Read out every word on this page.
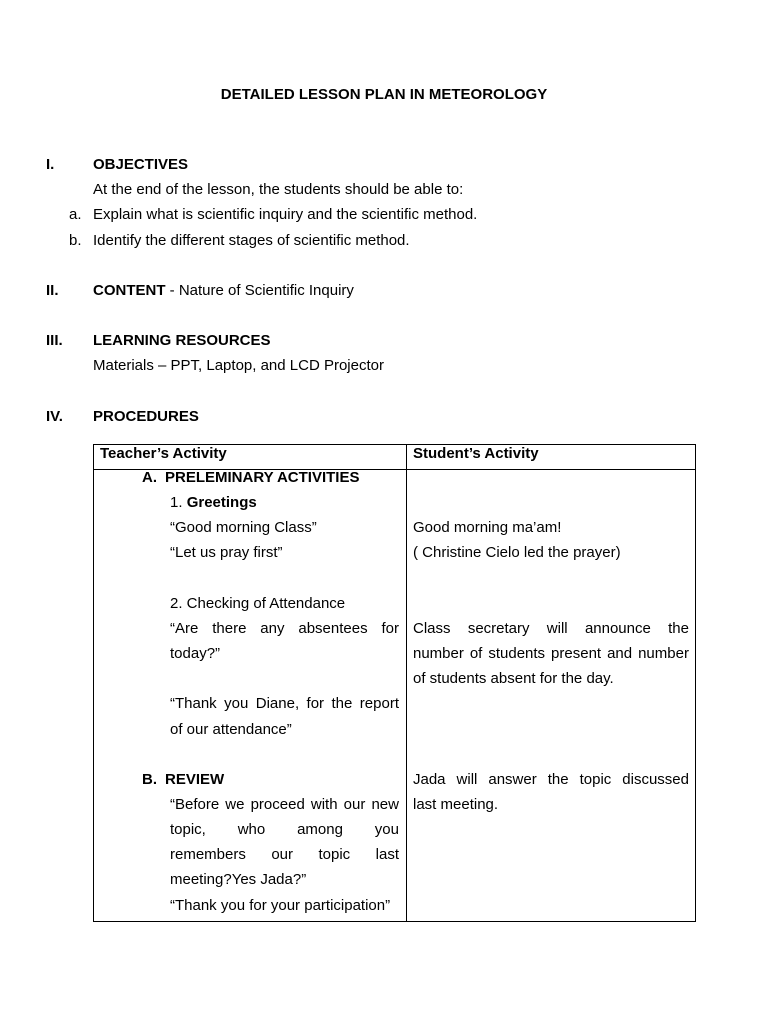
DETAILED LESSON PLAN IN METEOROLOGY
I.	OBJECTIVES
At the end of the lesson, the students should be able to:
a. Explain what is scientific inquiry and the scientific method.
b. Identify the different stages of scientific method.
II. CONTENT - Nature of Scientific Inquiry
III. LEARNING RESOURCES
Materials – PPT, Laptop, and LCD Projector
IV. PROCEDURES
Teacher’s Activity	Student’s Activity
A. PRELEMINARY ACTIVITIES
1. Greetings
“Good morning Class”
“Let us pray first”
2. Checking of Attendance
“Are there any absentees for
today?”
“Thank you Diane, for the report
of our attendance”
B. REVIEW
“Before we proceed with our new
topic, who among you
remembers our topic last
meeting?Yes Jada?”
“Thank you for your participation”
Good morning ma’am!
( Christine Cielo led the prayer)
Class secretary will announce the
number of students present and number
of students absent for the day.
Jada will answer the topic discussed
last meeting.
